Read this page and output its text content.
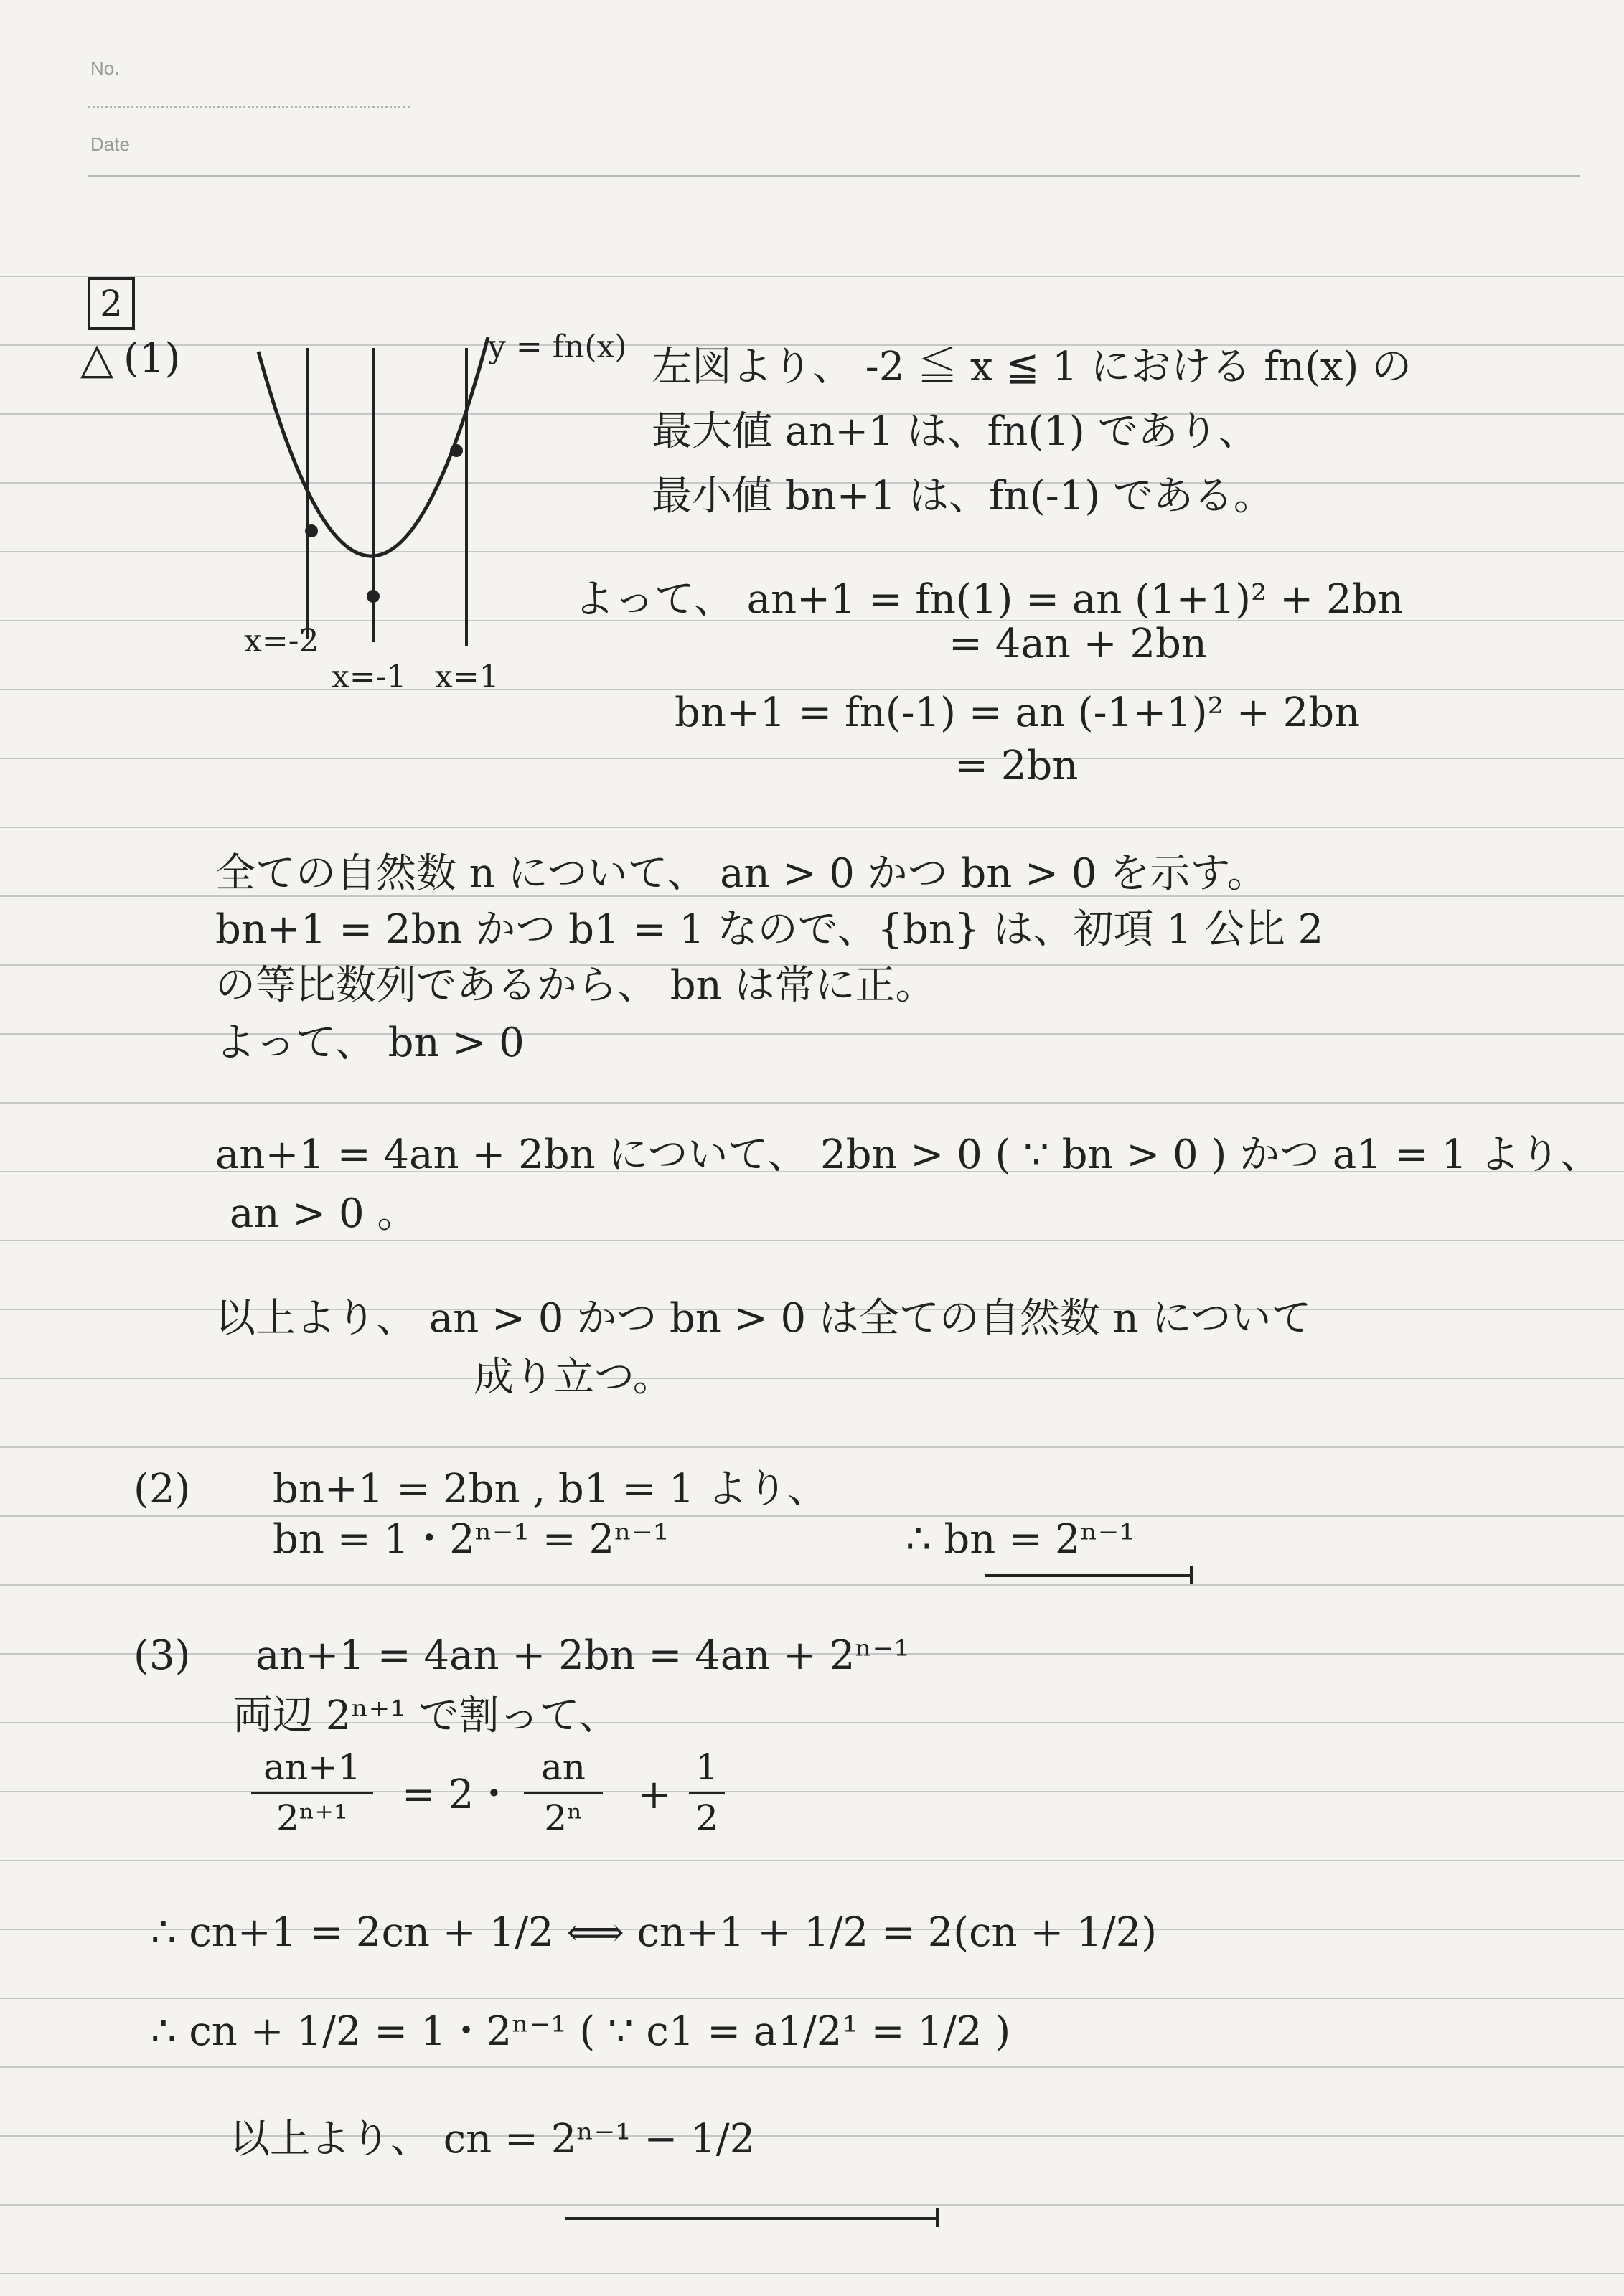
No.
Date
2
△ (1)	y = fn(x)
x=-2
x=-1 x=1
左図より、 -2 ≦ x ≦ 1 における fn(x) の
最大値 an+1 は、fn(1) であり、
最小値 bn+1 は、fn(-1) である。
よって、 an+1 = fn(1) = an (1+1)² + 2bn
= 4an + 2bn
bn+1 = fn(-1) = an (-1+1)² + 2bn
= 2bn
全ての自然数 n について、 an > 0 かつ bn > 0 を示す。
bn+1 = 2bn かつ b1 = 1 なので、{bn} は、初項 1 公比 2
の等比数列であるから、 bn は常に正。
よって、 bn > 0
an+1 = 4an + 2bn について、 2bn > 0 ( ∵ bn > 0 ) かつ a1 = 1 より、
an > 0 。
以上より、 an > 0 かつ bn > 0 は全ての自然数 n について
成り立つ。
(2) bn+1 = 2bn , b1 = 1 より、
bn = 1・2ⁿ⁻¹ = 2ⁿ⁻¹	∴ bn = 2ⁿ⁻¹
(3) an+1 = 4an + 2bn = 4an + 2ⁿ⁻¹
両辺 2ⁿ⁺¹ で割って、
an+1
2ⁿ⁺¹	= 2・
an
2ⁿ	+
1
2
∴ cn+1 = 2cn + 1/2 ⟺ cn+1 + 1/2 = 2(cn + 1/2)
∴ cn + 1/2 = 1・2ⁿ⁻¹ ( ∵ c1 = a1/2¹ = 1/2 )
以上より、 cn = 2ⁿ⁻¹ − 1/2
